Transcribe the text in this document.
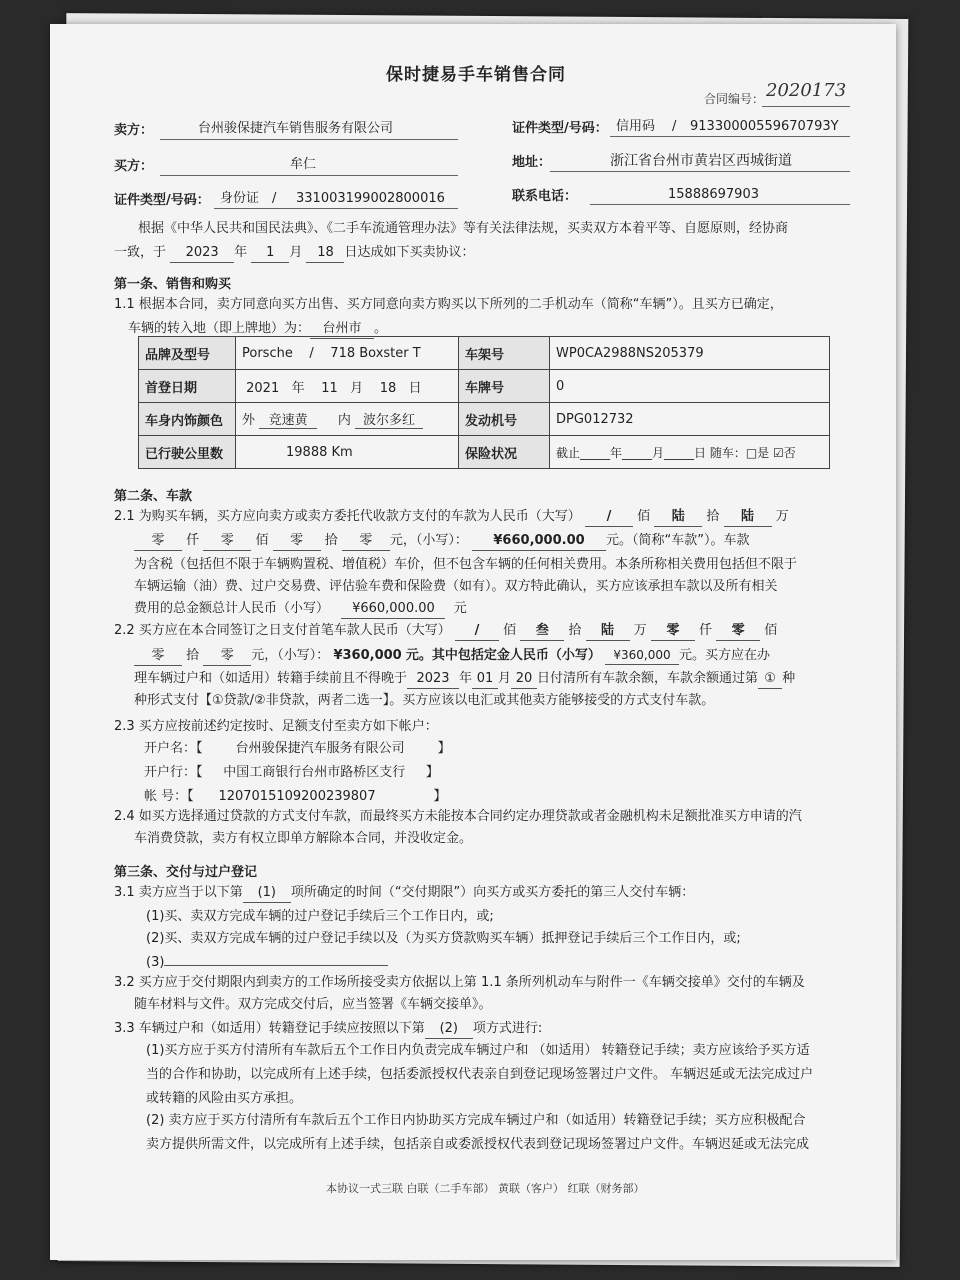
保时捷易手车销售合同
合同编号： 2020173
卖方：	台州骏保捷汽车销售服务有限公司	证件类型/号码： 信用码 / 91330000559670793Y
买方：	牟仁	地址：	浙江省台州市黄岩区西城街道
证件类型/号码： 身份证 / 331003199002800016	联系电话：	15888697903
根据《中华人民共和国民法典》、《二手车流通管理办法》等有关法律法规，买卖双方本着平等、自愿原则，经协商
一致，于 2023 年 1 月 18 日达成如下买卖协议：
第一条、销售和购买
1.1 根据本合同，卖方同意向买方出售、买方同意向卖方购买以下所列的二手机动车（简称“车辆”）。且买方已确定，
车辆的转入地（即上牌地）为： 台州市 。
品牌及型号	Porsche / 718 Boxster T	车架号	WP0CA2988NS205379
首登日期	2021 年 11 月 18 日	车牌号	0
车身内饰颜色	外 竞速黄 内 波尔多红	发动机号	DPG012732
已行驶公里数	19888 Km	保险状况	截止_____年_____月_____日 随车：□是 ☑否
第二条、车款
2.1 为购买车辆，买方应向卖方或卖方委托代收款方支付的车款为人民币（大写） / 佰 陆 拾 陆 万
零 仟 零 佰 零 拾 零 元，（小写）： ¥660,000.00 元。（简称“车款”）。车款
为含税（包括但不限于车辆购置税、增值税）车价，但不包含车辆的任何相关费用。本条所称相关费用包括但不限于
车辆运输（油）费、过户交易费、评估验车费和保险费（如有）。双方特此确认，买方应该承担车款以及所有相关
费用的总金额总计人民币（小写） ¥660,000.00 元
2.2 买方应在本合同签订之日支付首笔车款人民币（大写） / 佰 叁 拾 陆 万 零 仟 零 佰
零 拾 零 元，（小写）： ¥360,000 元。其中包括定金人民币（小写） ¥360,000 元。买方应在办
理车辆过户和（如适用）转籍手续前且不得晚于 2023 年 01 月 20 日付清所有车款余额，车款余额通过第 ① 种
种形式支付【①贷款/②非贷款，两者二选一】。买方应该以电汇或其他卖方能够接受的方式支付车款。
2.3 买方应按前述约定按时、足额支付至卖方如下帐户：
开户名：【	台州骏保捷汽车服务有限公司	】
开户行：【 中国工商银行台州市路桥区支行 】
帐 号：【 1207015109200239807	】
2.4 如买方选择通过贷款的方式支付车款，而最终买方未能按本合同约定办理贷款或者金融机构未足额批准买方申请的汽
车消费贷款，卖方有权立即单方解除本合同，并没收定金。
第三条、交付与过户登记
3.1 卖方应当于以下第 (1) 项所确定的时间（“交付期限”）向买方或买方委托的第三人交付车辆：
(1)买、卖双方完成车辆的过户登记手续后三个工作日内，或;
(2)买、卖双方完成车辆的过户登记手续以及（为买方贷款购买车辆）抵押登记手续后三个工作日内，或;
(3)
3.2 买方应于交付期限内到卖方的工作场所接受卖方依据以上第 1.1 条所列机动车与附件一《车辆交接单》交付的车辆及
随车材料与文件。双方完成交付后，应当签署《车辆交接单》。
3.3 车辆过户和（如适用）转籍登记手续应按照以下第 (2) 项方式进行:
(1)买方应于买方付清所有车款后五个工作日内负责完成车辆过户和 （如适用） 转籍登记手续；卖方应该给予买方适
当的合作和协助，以完成所有上述手续，包括委派授权代表亲自到登记现场签署过户文件。 车辆迟延或无法完成过户
或转籍的风险由买方承担。
(2) 卖方应于买方付清所有车款后五个工作日内协助买方完成车辆过户和（如适用）转籍登记手续；买方应积极配合
卖方提供所需文件，以完成所有上述手续，包括亲自或委派授权代表到登记现场签署过户文件。车辆迟延或无法完成
本协议一式三联 白联（二手车部） 黄联（客户） 红联（财务部）
